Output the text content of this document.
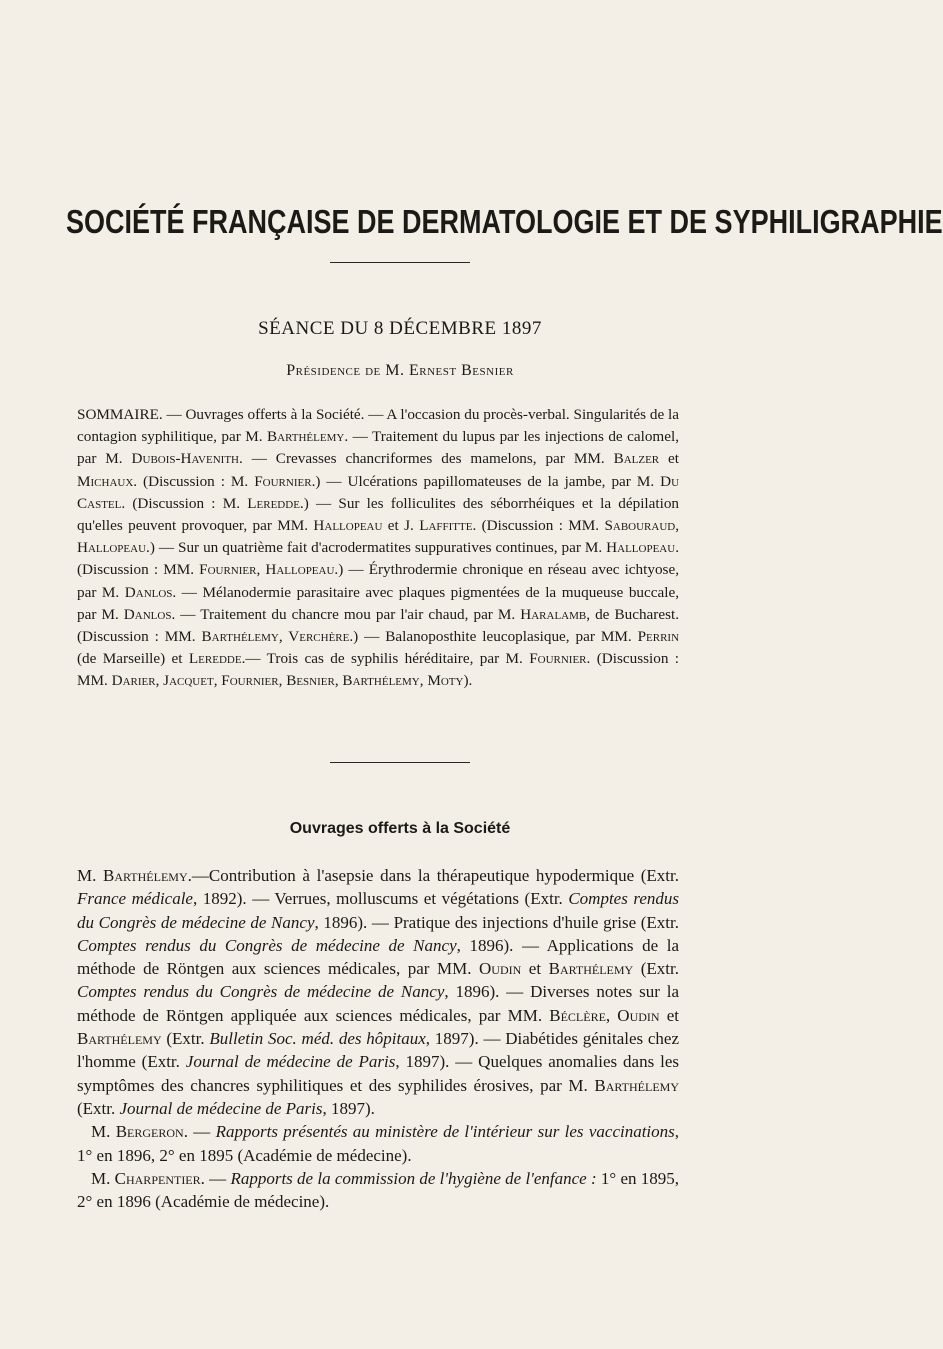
SOCIÉTÉ FRANÇAISE DE DERMATOLOGIE ET DE SYPHILIGRAPHIE
SÉANCE DU 8 DÉCEMBRE 1897
Présidence de M. Ernest Besnier
SOMMAIRE. — Ouvrages offerts à la Société. — A l'occasion du procès-verbal. Singularités de la contagion syphilitique, par M. Barthélemy. — Traitement du lupus par les injections de calomel, par M. Dubois-Havenith. — Crevasses chancriformes des mamelons, par MM. Balzer et Michaux. (Discussion : M. Fournier.) — Ulcérations papillomateuses de la jambe, par M. Du Castel. (Discussion : M. Leredde.) — Sur les folliculites des séborrhéiques et la dépilation qu'elles peuvent provoquer, par MM. Hallopeau et J. Laffitte. (Discussion : MM. Sabouraud, Hallopeau.) — Sur un quatrième fait d'acrodermatites suppuratives continues, par M. Hallopeau. (Discussion : MM. Fournier, Hallopeau.) — Érythrodermie chronique en réseau avec ichtyose, par M. Danlos. — Mélanodermie parasitaire avec plaques pigmentées de la muqueuse buccale, par M. Danlos. — Traitement du chancre mou par l'air chaud, par M. Haralamb, de Bucharest. (Discussion : MM. Barthélemy, Verchère.) — Balanoposthite leucoplasique, par MM. Perrin (de Marseille) et Leredde.— Trois cas de syphilis héréditaire, par M. Fournier. (Discussion : MM. Darier, Jacquet, Fournier, Besnier, Barthélemy, Moty).
Ouvrages offerts à la Société

M. Barthélemy.—Contribution à l'asepsie dans la thérapeutique hypodermique (Extr. France médicale, 1892). — Verrues, molluscums et végétations (Extr. Comptes rendus du Congrès de médecine de Nancy, 1896). — Pratique des injections d'huile grise (Extr. Comptes rendus du Congrès de médecine de Nancy, 1896). — Applications de la méthode de Röntgen aux sciences médicales, par MM. Oudin et Barthélemy (Extr. Comptes rendus du Congrès de médecine de Nancy, 1896). — Diverses notes sur la méthode de Röntgen appliquée aux sciences médicales, par MM. Béclère, Oudin et Barthélemy (Extr. Bulletin Soc. méd. des hôpitaux, 1897). — Diabétides génitales chez l'homme (Extr. Journal de médecine de Paris, 1897). — Quelques anomalies dans les symptômes des chancres syphilitiques et des syphilides érosives, par M. Barthélemy (Extr. Journal de médecine de Paris, 1897).

M. Bergeron. — Rapports présentés au ministère de l'intérieur sur les vaccinations, 1° en 1896, 2° en 1895 (Académie de médecine).

M. Charpentier. — Rapports de la commission de l'hygiène de l'enfance : 1° en 1895, 2° en 1896 (Académie de médecine).
